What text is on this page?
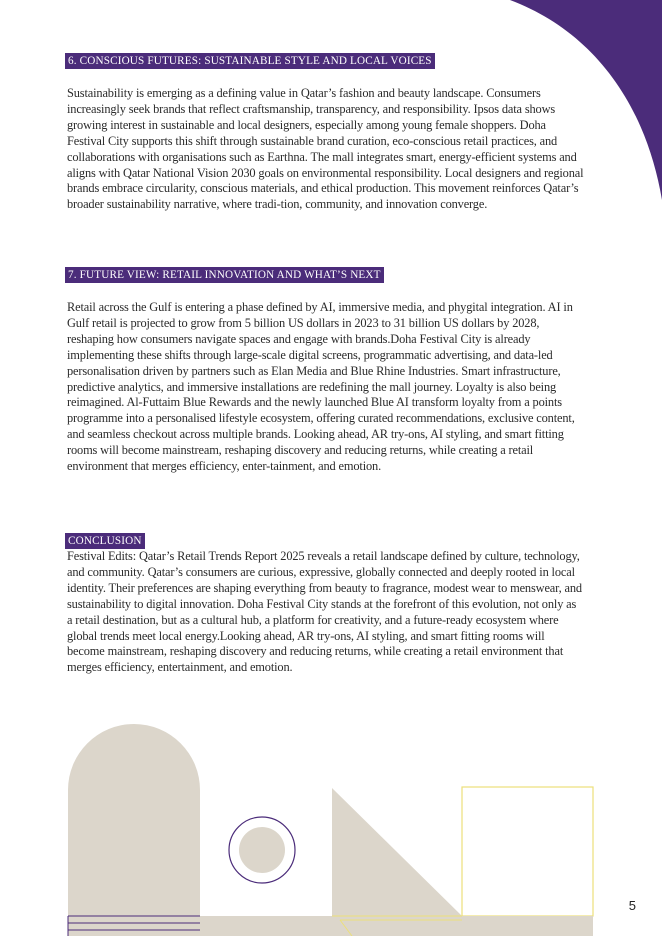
6. CONSCIOUS FUTURES: SUSTAINABLE STYLE AND LOCAL VOICES

Sustainability is emerging as a defining value in Qatar’s fashion and beauty landscape. Consumers increasingly seek brands that reflect craftsmanship, transparency, and responsibility. Ipsos data shows growing interest in sustainable and local designers, especially among young female shoppers. Doha Festival City supports this shift through sustainable brand curation, eco-conscious retail practices, and collaborations with organisations such as Earthna. The mall integrates smart, energy-efficient systems and aligns with Qatar National Vision 2030 goals on environmental responsibility. Local designers and regional brands embrace circularity, conscious materials, and ethical production. This movement reinforces Qatar’s broader sustainability narrative, where tradi-tion, community, and innovation converge.

7. FUTURE VIEW: RETAIL INNOVATION AND WHAT’S NEXT

Retail across the Gulf is entering a phase defined by AI, immersive media, and phygital integration. AI in Gulf retail is projected to grow from 5 billion US dollars in 2023 to 31 billion US dollars by 2028, reshaping how consumers navigate spaces and engage with brands.Doha Festival City is already implementing these shifts through large-scale digital screens, programmatic advertising, and data-led personalisation driven by partners such as Elan Media and Blue Rhine Industries. Smart infrastructure, predictive analytics, and immersive installations are redefining the mall journey. Loyalty is also being reimagined. Al-Futtaim Blue Rewards and the newly launched Blue AI transform loyalty from a points programme into a personalised lifestyle ecosystem, offering curated recommendations, exclusive content, and seamless checkout across multiple brands. Looking ahead, AR try-ons, AI styling, and smart fitting rooms will become mainstream, reshaping discovery and reducing returns, while creating a retail environment that merges efficiency, enter-tainment, and emotion.

CONCLUSION

Festival Edits: Qatar’s Retail Trends Report 2025 reveals a retail landscape defined by culture, technology, and community. Qatar’s consumers are curious, expressive, globally connected and deeply rooted in local identity. Their preferences are shaping everything from beauty to fragrance, modest wear to menswear, and sustainability to digital innovation. Doha Festival City stands at the forefront of this evolution, not only as a retail destination, but as a cultural hub, a platform for creativity, and a future-ready ecosystem where global trends meet local energy.Looking ahead, AR try-ons, AI styling, and smart fitting rooms will become mainstream, reshaping discovery and reducing returns, while creating a retail environment that merges efficiency, entertainment, and emotion.

5
